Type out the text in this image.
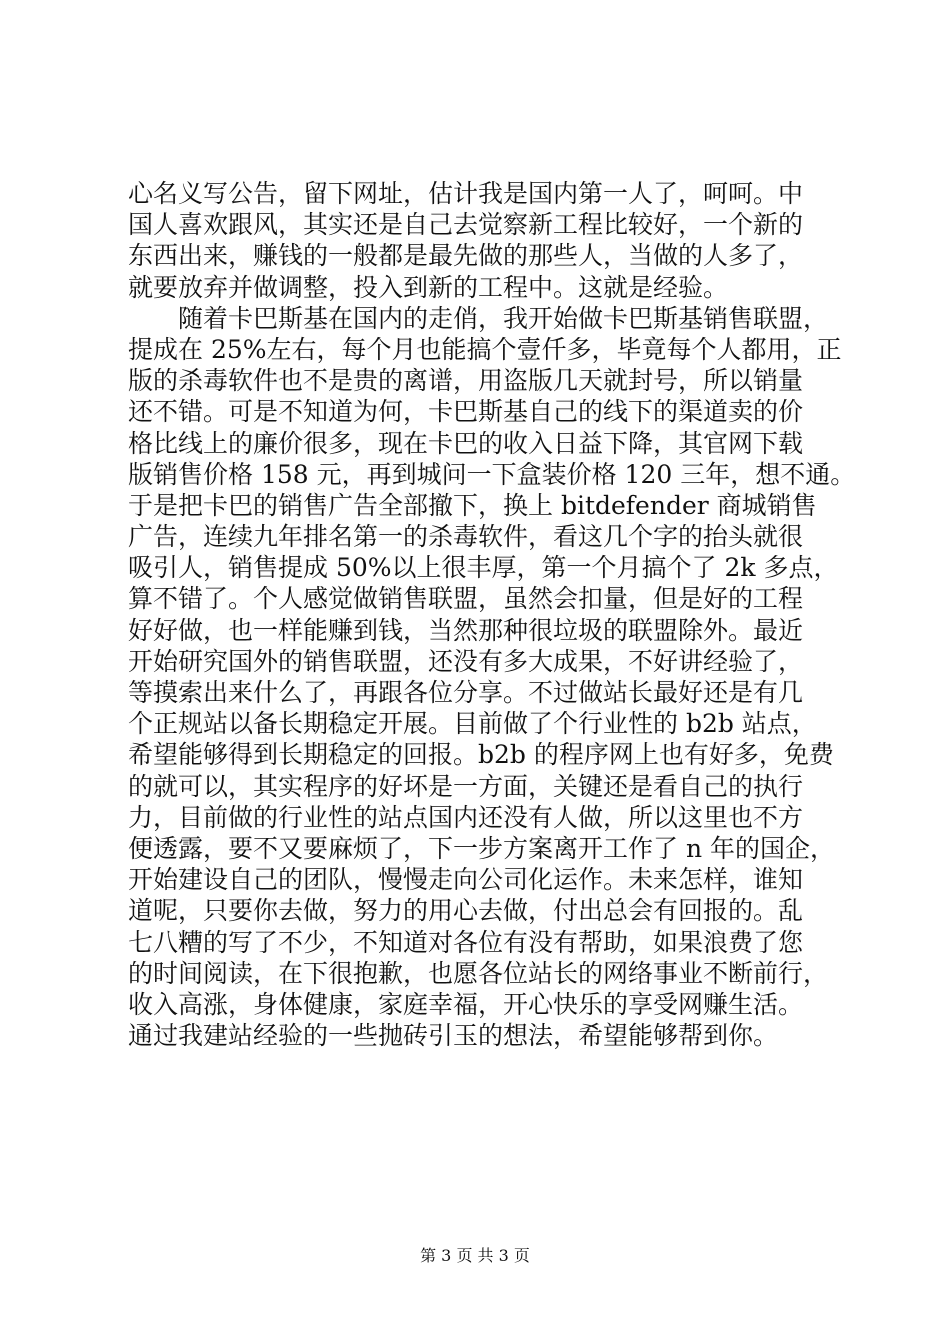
心名义写公告，留下网址，估计我是国内第一人了，呵呵。中
国人喜欢跟风，其实还是自己去觉察新工程比较好，一个新的
东西出来，赚钱的一般都是最先做的那些人，当做的人多了，
就要放弃并做调整，投入到新的工程中。这就是经验。
　　随着卡巴斯基在国内的走俏，我开始做卡巴斯基销售联盟，
提成在 25%左右，每个月也能搞个壹仟多，毕竟每个人都用，正
版的杀毒软件也不是贵的离谱，用盗版几天就封号，所以销量
还不错。可是不知道为何，卡巴斯基自己的线下的渠道卖的价
格比线上的廉价很多，现在卡巴的收入日益下降，其官网下载
版销售价格 158 元，再到城问一下盒装价格 120 三年，想不通。
于是把卡巴的销售广告全部撤下，换上 bitdefender 商城销售
广告，连续九年排名第一的杀毒软件，看这几个字的抬头就很
吸引人，销售提成 50%以上很丰厚，第一个月搞个了 2k 多点，
算不错了。个人感觉做销售联盟，虽然会扣量，但是好的工程
好好做，也一样能赚到钱，当然那种很垃圾的联盟除外。最近
开始研究国外的销售联盟，还没有多大成果，不好讲经验了，
等摸索出来什么了，再跟各位分享。不过做站长最好还是有几
个正规站以备长期稳定开展。目前做了个行业性的 b2b 站点，
希望能够得到长期稳定的回报。b2b 的程序网上也有好多，免费
的就可以，其实程序的好坏是一方面，关键还是看自己的执行
力，目前做的行业性的站点国内还没有人做，所以这里也不方
便透露，要不又要麻烦了，下一步方案离开工作了 n 年的国企，
开始建设自己的团队，慢慢走向公司化运作。未来怎样，谁知
道呢，只要你去做，努力的用心去做，付出总会有回报的。乱
七八糟的写了不少，不知道对各位有没有帮助，如果浪费了您
的时间阅读，在下很抱歉，也愿各位站长的网络事业不断前行，
收入高涨，身体健康，家庭幸福，开心快乐的享受网赚生活。
通过我建站经验的一些抛砖引玉的想法，希望能够帮到你。
第 3 页 共 3 页
